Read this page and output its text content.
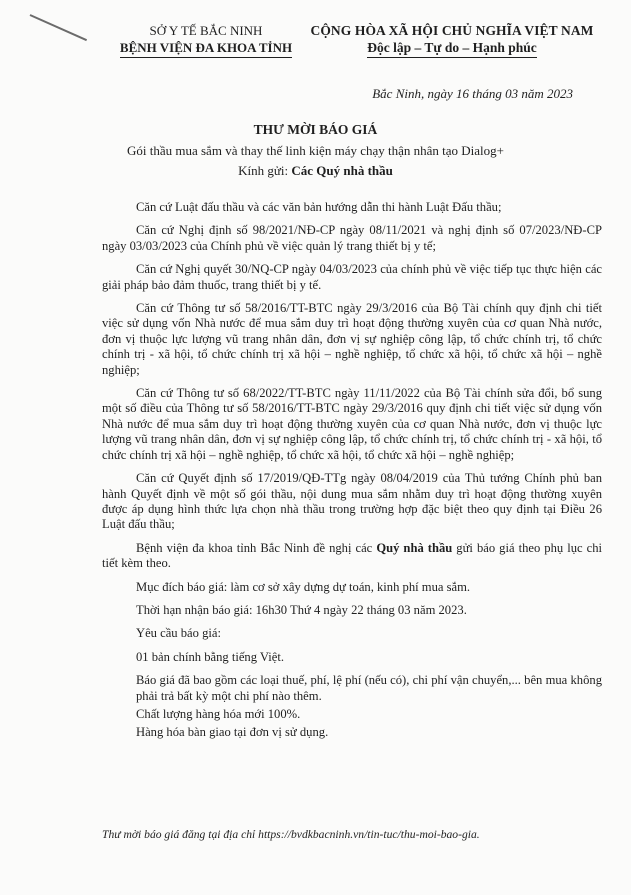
SỞ Y TẾ BẮC NINH
BỆNH VIỆN ĐA KHOA TỈNH
CỘNG HÒA XÃ HỘI CHỦ NGHĨA VIỆT NAM
Độc lập – Tự do – Hạnh phúc
Bắc Ninh, ngày 16 tháng 03 năm 2023
THƯ MỜI BÁO GIÁ
Gói thầu mua sắm và thay thế linh kiện máy chạy thận nhân tạo Dialog+
Kính gửi: Các Quý nhà thầu

Căn cứ Luật đấu thầu và các văn bản hướng dẫn thi hành Luật Đấu thầu;

Căn cứ Nghị định số 98/2021/NĐ-CP ngày 08/11/2021 và nghị định số 07/2023/NĐ-CP ngày 03/03/2023 của Chính phủ về việc quản lý trang thiết bị y tế;

Căn cứ Nghị quyết 30/NQ-CP ngày 04/03/2023 của chính phủ về việc tiếp tục thực hiện các giải pháp bảo đảm thuốc, trang thiết bị y tế.

Căn cứ Thông tư số 58/2016/TT-BTC ngày 29/3/2016 của Bộ Tài chính quy định chi tiết việc sử dụng vốn Nhà nước để mua sắm duy trì hoạt động thường xuyên của cơ quan Nhà nước, đơn vị thuộc lực lượng vũ trang nhân dân, đơn vị sự nghiệp công lập, tổ chức chính trị, tổ chức chính trị - xã hội, tổ chức chính trị xã hội – nghề nghiệp, tổ chức xã hội, tổ chức xã hội – nghề nghiệp;

Căn cứ Thông tư số 68/2022/TT-BTC ngày 11/11/2022 của Bộ Tài chính sửa đổi, bổ sung một số điều của Thông tư số 58/2016/TT-BTC ngày 29/3/2016 quy định chi tiết việc sử dụng vốn Nhà nước để mua sắm duy trì hoạt động thường xuyên của cơ quan Nhà nước, đơn vị thuộc lực lượng vũ trang nhân dân, đơn vị sự nghiệp công lập, tổ chức chính trị, tổ chức chính trị - xã hội, tổ chức chính trị xã hội – nghề nghiệp, tổ chức xã hội, tổ chức xã hội – nghề nghiệp;

Căn cứ Quyết định số 17/2019/QĐ-TTg ngày 08/04/2019 của Thủ tướng Chính phủ ban hành Quyết định về một số gói thầu, nội dung mua sắm nhằm duy trì hoạt động thường xuyên được áp dụng hình thức lựa chọn nhà thầu trong trường hợp đặc biệt theo quy định tại Điều 26 Luật đấu thầu;

Bệnh viện đa khoa tỉnh Bắc Ninh đề nghị các Quý nhà thầu gửi báo giá theo phụ lục chi tiết kèm theo.

Mục đích báo giá: làm cơ sở xây dựng dự toán, kinh phí mua sắm.

Thời hạn nhận báo giá: 16h30 Thứ 4 ngày 22 tháng 03 năm 2023.

Yêu cầu báo giá:

01 bản chính bằng tiếng Việt.

Báo giá đã bao gồm các loại thuế, phí, lệ phí (nếu có), chi phí vận chuyển,... bên mua không phải trả bất kỳ một chi phí nào thêm.

Chất lượng hàng hóa mới 100%.

Hàng hóa bàn giao tại đơn vị sử dụng.

Thư mời báo giá đăng tại địa chỉ https://bvdkbacninh.vn/tin-tuc/thu-moi-bao-gia.
